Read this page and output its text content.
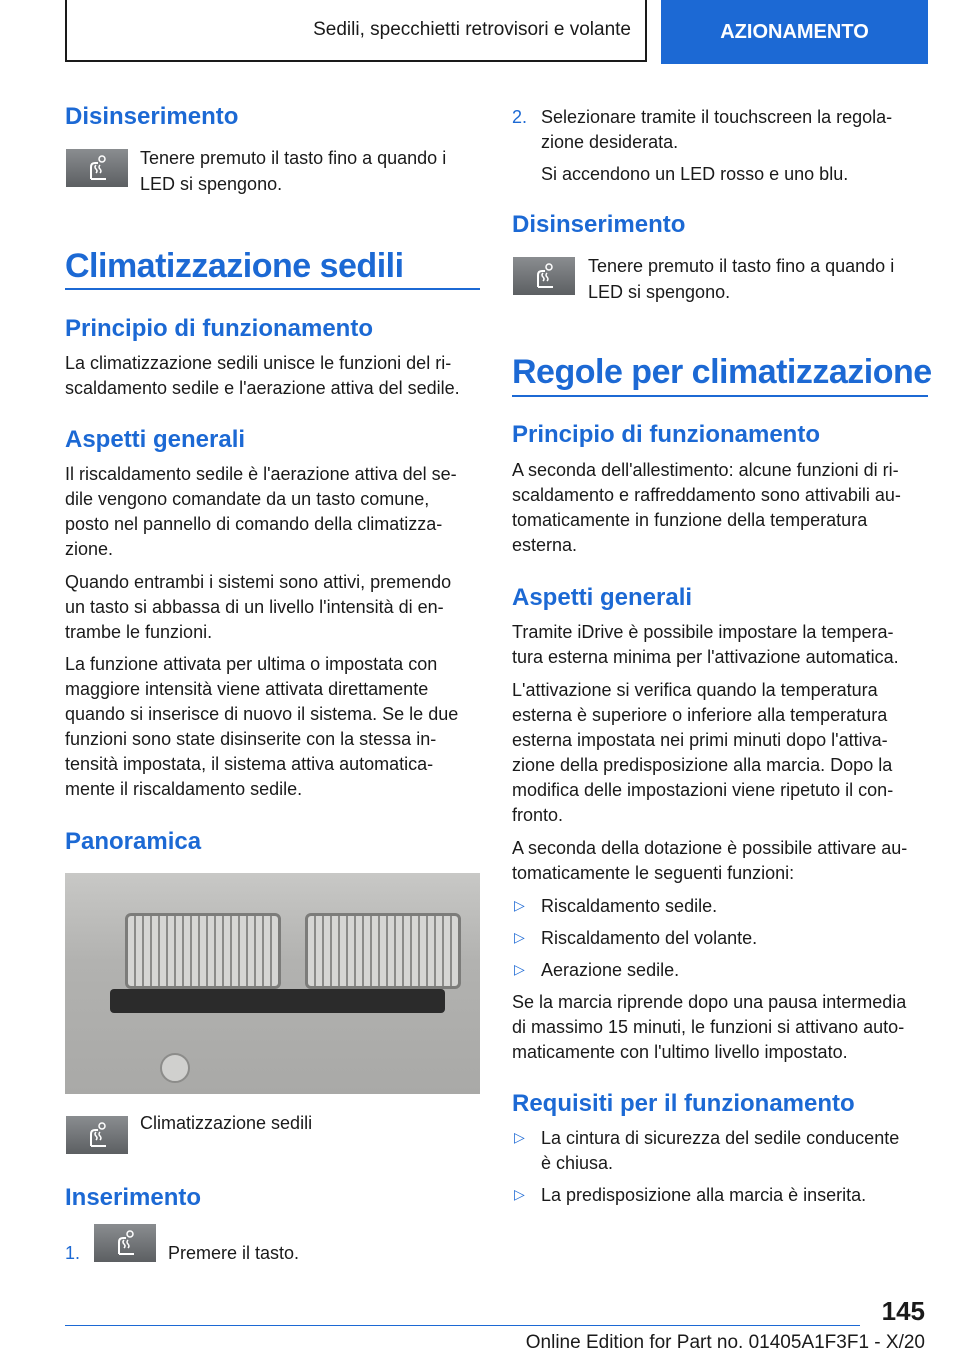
Sedili, specchietti retrovisori e volante	AZIONAMENTO
Disinserimento

Tenere premuto il tasto fino a quando i
LED si spengono.

Climatizzazione sedili
Principio di funzionamento

La climatizzazione sedili unisce le funzioni del ri-
scaldamento sedile e l'aerazione attiva del sedile.

Aspetti generali

Il riscaldamento sedile è l'aerazione attiva del se-
dile vengono comandate da un tasto comune,
posto nel pannello di comando della climatizza-
zione.

Quando entrambi i sistemi sono attivi, premendo
un tasto si abbassa di un livello l'intensità di en-
trambe le funzioni.

La funzione attivata per ultima o impostata con
maggiore intensità viene attivata direttamente
quando si inserisce di nuovo il sistema. Se le due
funzioni sono state disinserite con la stessa in-
tensità impostata, il sistema attiva automatica-
mente il riscaldamento sedile.

Panoramica

Climatizzazione sedili

Inserimento
1.	Premere il tasto.

2. Selezionare tramite il touchscreen la regola-
zione desiderata.

Si accendono un LED rosso e uno blu.

Disinserimento

Tenere premuto il tasto fino a quando i
LED si spengono.

Regole per climatizzazione
Principio di funzionamento

A seconda dell'allestimento: alcune funzioni di ri-
scaldamento e raffreddamento sono attivabili au-
tomaticamente in funzione della temperatura
esterna.

Aspetti generali

Tramite iDrive è possibile impostare la tempera-
tura esterna minima per l'attivazione automatica.

L'attivazione si verifica quando la temperatura
esterna è superiore o inferiore alla temperatura
esterna impostata nei primi minuti dopo l'attiva-
zione della predisposizione alla marcia. Dopo la
modifica delle impostazioni viene ripetuto il con-
fronto.

A seconda della dotazione è possibile attivare au-
tomaticamente le seguenti funzioni:

▷ Riscaldamento sedile.

▷ Riscaldamento del volante.

▷ Aerazione sedile.

Se la marcia riprende dopo una pausa intermedia
di massimo 15 minuti, le funzioni si attivano auto-
maticamente con l'ultimo livello impostato.

Requisiti per il funzionamento
▷ La cintura di sicurezza del sedile conducente
è chiusa.

▷ La predisposizione alla marcia è inserita.

145
Online Edition for Part no. 01405A1F3F1 - X/20
